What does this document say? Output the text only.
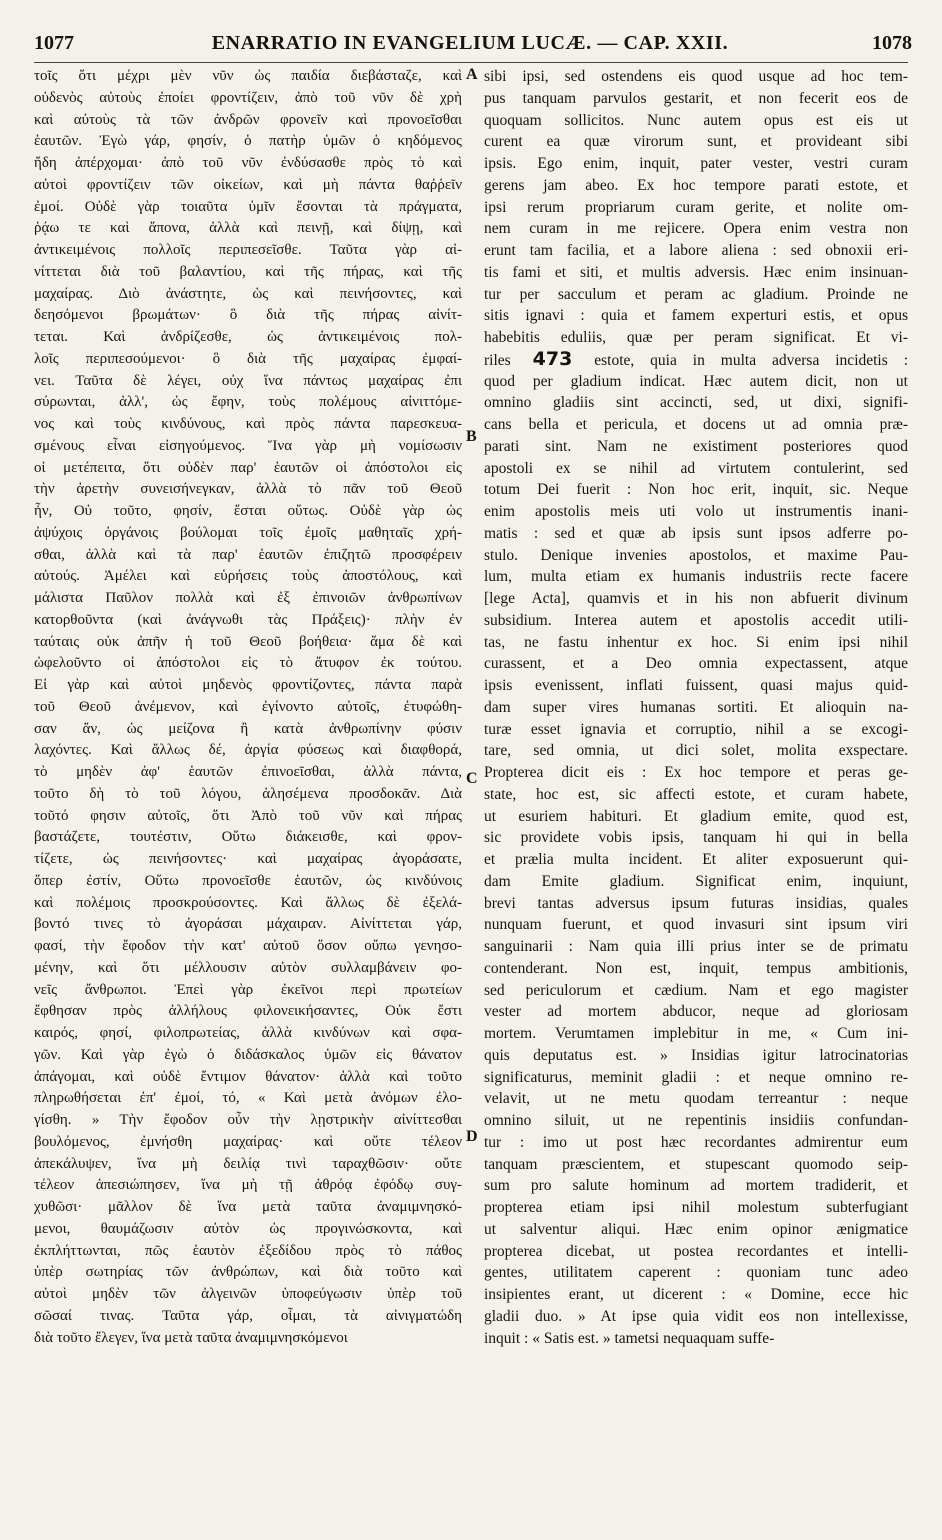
1077	ENARRATIO IN EVANGELIUM LUCÆ. — CAP. XXII.	1078
τοῖς ὅτι μέχρι μὲν νῦν ὡς παιδία διεβάσταζε, καὶ
οὐδενὸς αὐτοὺς ἐποίει φροντίζειν, ἀπὸ τοῦ νῦν δὲ χρὴ
καὶ αὐτοὺς τὰ τῶν ἀνδρῶν φρονεῖν καὶ προνοεῖσθαι
ἑαυτῶν. Ἐγὼ γάρ, φησίν, ὁ πατὴρ ὑμῶν ὁ κηδόμενος
ἤδη ἀπέρχομαι· ἀπὸ τοῦ νῦν ἐνδύσασθε πρὸς τὸ καὶ
αὐτοὶ φροντίζειν τῶν οἰκείων, καὶ μὴ πάντα θαῤῥεῖν
ἐμοί. Οὐδὲ γὰρ τοιαῦτα ὑμῖν ἔσονται τὰ πράγματα,
ῥᾴω τε καὶ ἄπονα, ἀλλὰ καὶ πεινῇ, καὶ δίψῃ, καὶ
ἀντικειμένοις πολλοῖς περιπεσεῖσθε. Ταῦτα γὰρ αἰ-
νίττεται διὰ τοῦ βαλαντίου, καὶ τῆς πήρας, καὶ τῆς
μαχαίρας. Διὸ ἀνάστητε, ὡς καὶ πεινήσοντες, καὶ
δεησόμενοι βρωμάτων· ὃ διὰ τῆς πήρας αἰνίτ-
τεται. Καὶ ἀνδρίζεσθε, ὡς ἀντικειμένοις πολ-
λοῖς περιπεσούμενοι· ὃ διὰ τῆς μαχαίρας ἐμφαί-
νει. Ταῦτα δὲ λέγει, οὐχ ἵνα πάντως μαχαίρας ἐπι
σύρωνται, ἀλλ', ὡς ἔφην, τοὺς πολέμους αἰνιττόμε-
νος καὶ τοὺς κινδύνους, καὶ πρὸς πάντα παρεσκευα-
σμένους εἶναι εἰσηγούμενος. Ἵνα γὰρ μὴ νομίσωσιν
οἱ μετέπειτα, ὅτι οὐδὲν παρ' ἑαυτῶν οἱ ἀπόστολοι εἰς
τὴν ἀρετὴν συνεισήνεγκαν, ἀλλὰ τὸ πᾶν τοῦ Θεοῦ
ἦν, Οὐ τοῦτο, φησίν, ἔσται οὕτως. Οὐδὲ γὰρ ὡς
ἀψύχοις ὀργάνοις βούλομαι τοῖς ἐμοῖς μαθηταῖς χρή-
σθαι, ἀλλὰ καὶ τὰ παρ' ἑαυτῶν ἐπιζητῶ προσφέρειν
αὐτούς. Ἀμέλει καὶ εὑρήσεις τοὺς ἀποστόλους, καὶ
μάλιστα Παῦλον πολλὰ καὶ ἐξ ἐπινοιῶν ἀνθρωπίνων
κατορθοῦντα (καὶ ἀνάγνωθι τὰς Πράξεις)· πλὴν ἐν
ταύταις οὐκ ἀπῆν ἡ τοῦ Θεοῦ βοήθεια· ἅμα δὲ καὶ
ὠφελοῦντο οἱ ἀπόστολοι εἰς τὸ ἄτυφον ἐκ τούτου.
Εἰ γὰρ καὶ αὐτοὶ μηδενὸς φροντίζοντες, πάντα παρὰ
τοῦ Θεοῦ ἀνέμενον, καὶ ἐγίνοντο αὐτοῖς, ἐτυφώθη-
σαν ἄν, ὡς μείζονα ἢ κατὰ ἀνθρωπίνην φύσιν
λαχόντες. Καὶ ἄλλως δέ, ἀργία φύσεως καὶ διαφθορά,
τὸ μηδὲν ἀφ' ἑαυτῶν ἐπινοεῖσθαι, ἀλλὰ πάντα,
τοῦτο δὴ τὸ τοῦ λόγου, ἀλησέμενα προσδοκᾶν. Διὰ
τοῦτό φησιν αὐτοῖς, ὅτι Ἀπὸ τοῦ νῦν καὶ πήρας
βαστάζετε, τουτέστιν, Οὕτω διάκεισθε, καὶ φρον-
τίζετε, ὡς πεινήσοντες· καὶ μαχαίρας ἀγοράσατε,
ὅπερ ἐστίν, Οὕτω προνοεῖσθε ἑαυτῶν, ὡς κινδύνοις
καὶ πολέμοις προσκρούσοντες. Καὶ ἄλλως δὲ ἐξελά-
βοντό τινες τὸ ἀγοράσαι μάχαιραν. Αἰνίττεται γάρ,
φασί, τὴν ἔφοδον τὴν κατ' αὐτοῦ ὅσον οὔπω γενησο-
μένην, καὶ ὅτι μέλλουσιν αὐτὸν συλλαμβάνειν φο-
νεῖς ἄνθρωποι. Ἐπεὶ γὰρ ἐκεῖνοι περὶ πρωτείων
ἔφθησαν πρὸς ἀλλήλους φιλονεικήσαντες, Οὐκ ἔστι
καιρός, φησί, φιλοπρωτείας, ἀλλὰ κινδύνων καὶ σφα-
γῶν. Καὶ γὰρ ἐγὼ ὁ διδάσκαλος ὑμῶν εἰς θάνατον
ἀπάγομαι, καὶ οὐδὲ ἔντιμον θάνατον· ἀλλὰ καὶ τοῦτο
πληρωθήσεται ἐπ' ἐμοί, τό, « Καὶ μετὰ ἀνόμων ἐλο-
γίσθη. » Τὴν ἔφοδον οὖν τὴν λῃστρικὴν αἰνίττεσθαι
βουλόμενος, ἐμνήσθη μαχαίρας· καὶ οὔτε τέλεον
ἀπεκάλυψεν, ἵνα μὴ δειλίᾳ τινὶ ταραχθῶσιν· οὔτε
τέλεον ἀπεσιώπησεν, ἵνα μὴ τῇ ἀθρόᾳ ἐφόδῳ συγ-
χυθῶσι· μᾶλλον δὲ ἵνα μετὰ ταῦτα ἀναμιμνησκό-
μενοι, θαυμάζωσιν αὐτὸν ὡς προγινώσκοντα, καὶ
ἐκπλήττωνται, πῶς ἑαυτὸν ἐξεδίδου πρὸς τὸ πάθος
ὑπὲρ σωτηρίας τῶν ἀνθρώπων, καὶ διὰ τοῦτο καὶ
αὐτοὶ μηδὲν τῶν ἀλγεινῶν ὑποφεύγωσιν ὑπὲρ τοῦ
σῶσαί τινας. Ταῦτα γάρ, οἶμαι, τὰ αἰνιγματώδη
διὰ τοῦτο ἔλεγεν, ἵνα μετὰ ταῦτα ἀναμιμνησκόμενοι
sibi ipsi, sed ostendens eis quod usque ad hoc tem-
pus tanquam parvulos gestarit, et non fecerit eos de
quoquam sollicitos. Nunc autem opus est eis ut
curent ea quæ virorum sunt, et provideant sibi
ipsis. Ego enim, inquit, pater vester, vestri curam
gerens jam abeo. Ex hoc tempore parati estote, et
ipsi rerum propriarum curam gerite, et nolite om-
nem curam in me rejicere. Opera enim vestra non
erunt tam facilia, et a labore aliena : sed obnoxii eri-
tis fami et siti, et multis adversis. Hæc enim insinuan-
tur per sacculum et peram ac gladium. Proinde ne
sitis ignavi : quia et famem experturi estis, et opus
habebitis eduliis, quæ per peram significat. Et vi-
riles 473 estote, quia in multa adversa incidetis :
quod per gladium indicat. Hæc autem dicit, non ut
omnino gladiis sint accincti, sed, ut dixi, signifi-
cans bella et pericula, et docens ut ad omnia præ-
parati sint. Nam ne existiment posteriores quod
apostoli ex se nihil ad virtutem contulerint, sed
totum Dei fuerit : Non hoc erit, inquit, sic. Neque
enim apostolis meis uti volo ut instrumentis inani-
matis : sed et quæ ab ipsis sunt ipsos adferre po-
stulo. Denique invenies apostolos, et maxime Pau-
lum, multa etiam ex humanis industriis recte facere
[lege Acta], quamvis et in his non abfuerit divinum
subsidium. Interea autem et apostolis accedit utili-
tas, ne fastu inhentur ex hoc. Si enim ipsi nihil
curassent, et a Deo omnia expectassent, atque
ipsis evenissent, inflati fuissent, quasi majus quid-
dam super vires humanas sortiti. Et alioquin na-
turæ esset ignavia et corruptio, nihil a se excogi-
tare, sed omnia, ut dici solet, molita exspectare.
Propterea dicit eis : Ex hoc tempore et peras ge-
state, hoc est, sic affecti estote, et curam habete,
ut esuriem habituri. Et gladium emite, quod est,
sic providete vobis ipsis, tanquam hi qui in bella
et prælia multa incident. Et aliter exposuerunt qui-
dam Emite gladium. Significat enim, inquiunt,
brevi tantas adversus ipsum futuras insidias, quales
nunquam fuerunt, et quod invasuri sint ipsum viri
sanguinarii : Nam quia illi prius inter se de primatu
contenderant. Non est, inquit, tempus ambitionis,
sed periculorum et cædium. Nam et ego magister
vester ad mortem abducor, neque ad gloriosam
mortem. Verumtamen implebitur in me, « Cum ini-
quis deputatus est. » Insidias igitur latrocinatorias
significaturus, meminit gladii : et neque omnino re-
velavit, ut ne metu quodam terreantur : neque
omnino siluit, ut ne repentinis insidiis confundan-
tur : imo ut post hæc recordantes admirentur eum
tanquam præscientem, et stupescant quomodo seip-
sum pro salute hominum ad mortem tradiderit, et
propterea etiam ipsi nihil molestum subterfugiant
ut salventur aliqui. Hæc enim opinor ænigmatice
propterea dicebat, ut postea recordantes et intelli-
gentes, utilitatem caperent : quoniam tunc adeo
insipientes erant, ut dicerent : « Domine, ecce hic
gladii duo. » At ipse quia vidit eos non intellexisse,
inquit : « Satis est. » tametsi nequaquam suffe-
A
B
C
D
